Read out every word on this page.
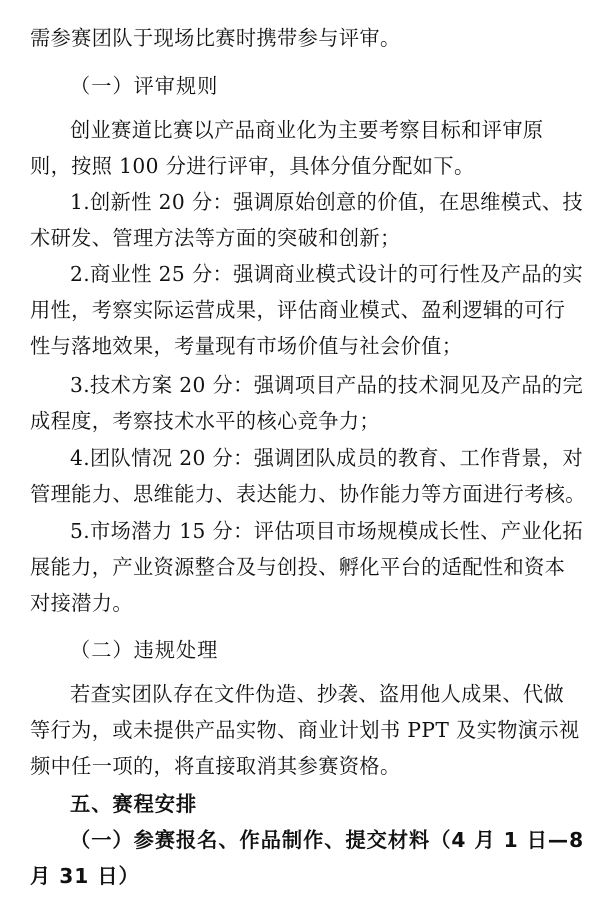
需参赛团队于现场比赛时携带参与评审。
（一）评审规则
创业赛道比赛以产品商业化为主要考察目标和评审原
则，按照 100 分进行评审，具体分值分配如下。
1.创新性 20 分：强调原始创意的价值，在思维模式、技
术研发、管理方法等方面的突破和创新；
2.商业性 25 分：强调商业模式设计的可行性及产品的实
用性，考察实际运营成果，评估商业模式、盈利逻辑的可行
性与落地效果，考量现有市场价值与社会价值；
3.技术方案 20 分：强调项目产品的技术洞见及产品的完
成程度，考察技术水平的核心竞争力；
4.团队情况 20 分：强调团队成员的教育、工作背景，对
管理能力、思维能力、表达能力、协作能力等方面进行考核。
5.市场潜力 15 分：评估项目市场规模成长性、产业化拓
展能力，产业资源整合及与创投、孵化平台的适配性和资本
对接潜力。
（二）违规处理
若查实团队存在文件伪造、抄袭、盗用他人成果、代做
等行为，或未提供产品实物、商业计划书 PPT 及实物演示视
频中任一项的，将直接取消其参赛资格。
五、赛程安排
（一）参赛报名、作品制作、提交材料（4 月 1 日—8
月 31 日）
